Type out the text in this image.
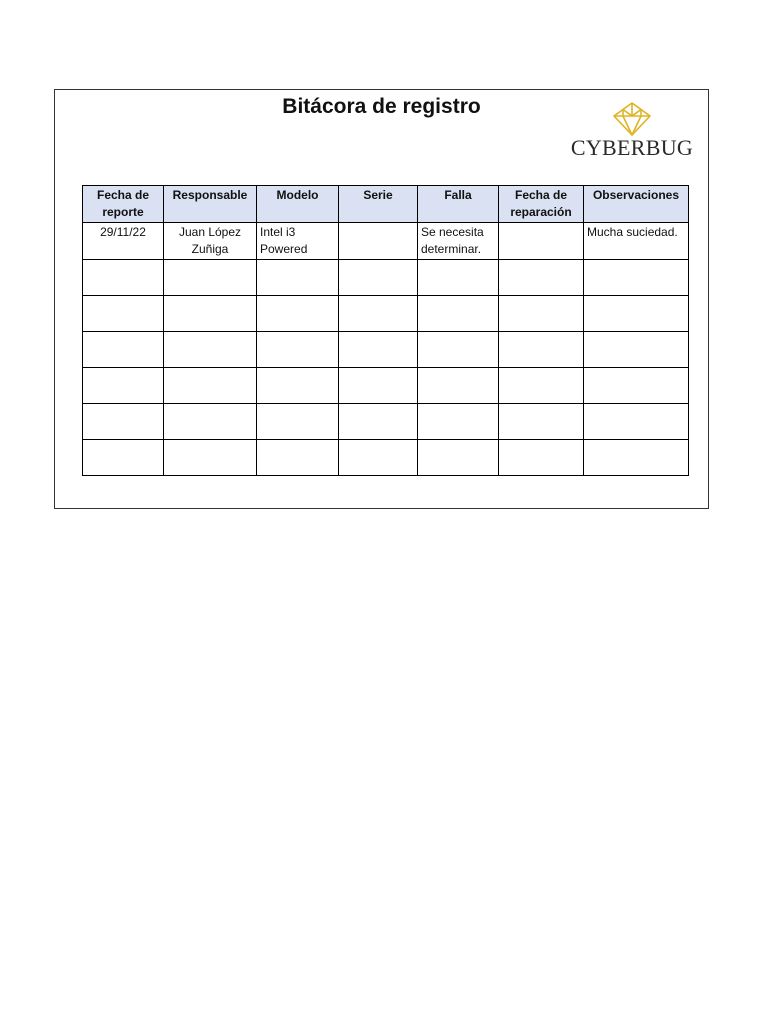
Bitácora de registro
CYBERBUG
Fecha de reporte	Responsable	Modelo	Serie	Falla	Fecha de reparación	Observaciones
29/11/22	Juan López Zuñiga	Intel i3 Powered		Se necesita determinar.		Mucha suciedad.
